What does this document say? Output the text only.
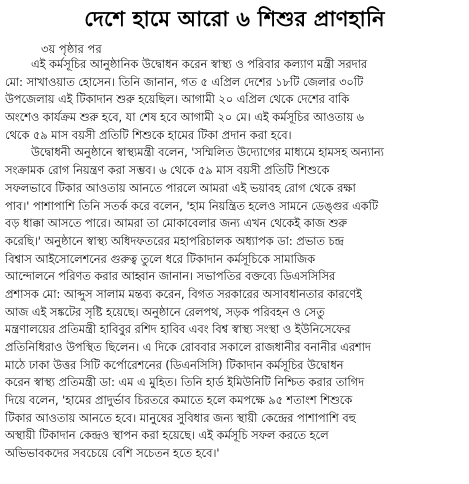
দেশে হামে আরো ৬ শিশুর প্রাণহানি
৩য় পৃষ্ঠার পর
এই কর্মসূচির আনুষ্ঠানিক উদ্বোধন করেন স্বাস্থ্য ও পরিবার কল্যাণ মন্ত্রী সরদার
মো: সাখাওয়াত হোসেন। তিনি জানান, গত ৫ এপ্রিল দেশের ১৮টি জেলার ৩০টি
উপজেলায় এই টিকাদান শুরু হয়েছিল। আগামী ২০ এপ্রিল থেকে দেশের বাকি
অংশেও কার্যক্রম শুরু হবে, যা শেষ হবে আগামী ২০ মে। এই কর্মসূচির আওতায় ৬
থেকে ৫৯ মাস বয়সী প্রতিটি শিশুকে হামের টিকা প্রদান করা হবে।
উদ্বোধনী অনুষ্ঠানে স্বাস্থ্যমন্ত্রী বলেন, 'সম্মিলিত উদ্যোগের মাধ্যমে হামসহ অন্যান্য
সংক্রামক রোগ নিয়ন্ত্রণ করা সম্ভব। ৬ থেকে ৫৯ মাস বয়সী প্রতিটি শিশুকে
সফলভাবে টিকার আওতায় আনতে পারলে আমরা এই ভয়াবহ রোগ থেকে রক্ষা
পাব।' পাশাপাশি তিনি সতর্ক করে বলেন, 'হাম নিয়ন্ত্রিত হলেও সামনে ডেঙ্গুর একটি
বড় ধাক্কা আসতে পারে। আমরা তা মোকাবেলার জন্য এখন থেকেই কাজ শুরু
করেছি।' অনুষ্ঠানে স্বাস্থ্য অধিদফতরের মহাপরিচালক অধ্যাপক ডা: প্রভাত চন্দ্র
বিশ্বাস আইসোলেশনের গুরুত্ব তুলে ধরে টিকাদান কর্মসূচিকে সামাজিক
আন্দোলনে পরিণত করার আহ্বান জানান। সভাপতির বক্তব্যে ডিএসসিসির
প্রশাসক মো: আব্দুস সালাম মন্তব্য করেন, বিগত সরকারের অসাবধানতার কারণেই
আজ এই সঙ্কটের সৃষ্টি হয়েছে। অনুষ্ঠানে রেলপথ, সড়ক পরিবহন ও সেতু
মন্ত্রণালয়ের প্রতিমন্ত্রী হাবিবুর রশিদ হাবিব এবং বিশ্ব স্বাস্থ্য সংস্থা ও ইউনিসেফের
প্রতিনিধিরাও উপস্থিত ছিলেন। এ দিকে রোববার সকালে রাজধানীর বনানীর এরশাদ
মাঠে ঢাকা উত্তর সিটি কর্পোরেশনের (ডিএনসিসি) টিকাদান কর্মসূচির উদ্বোধন
করেন স্বাস্থ্য প্রতিমন্ত্রী ডা: এম এ মুহিত। তিনি হার্ড ইমিউনিটি নিশ্চিত করার তাগিদ
দিয়ে বলেন, 'হামের প্রাদুর্ভাব চিরতরে কমাতে হলে কমপক্ষে ৯৫ শতাংশ শিশুকে
টিকার আওতায় আনতে হবে। মানুষের সুবিধার জন্য স্থায়ী কেন্দ্রের পাশাপাশি বহু
অস্থায়ী টিকাদান কেন্দ্রও স্থাপন করা হয়েছে। এই কর্মসূচি সফল করতে হলে
অভিভাবকদের সবচেয়ে বেশি সচেতন হতে হবে।'
